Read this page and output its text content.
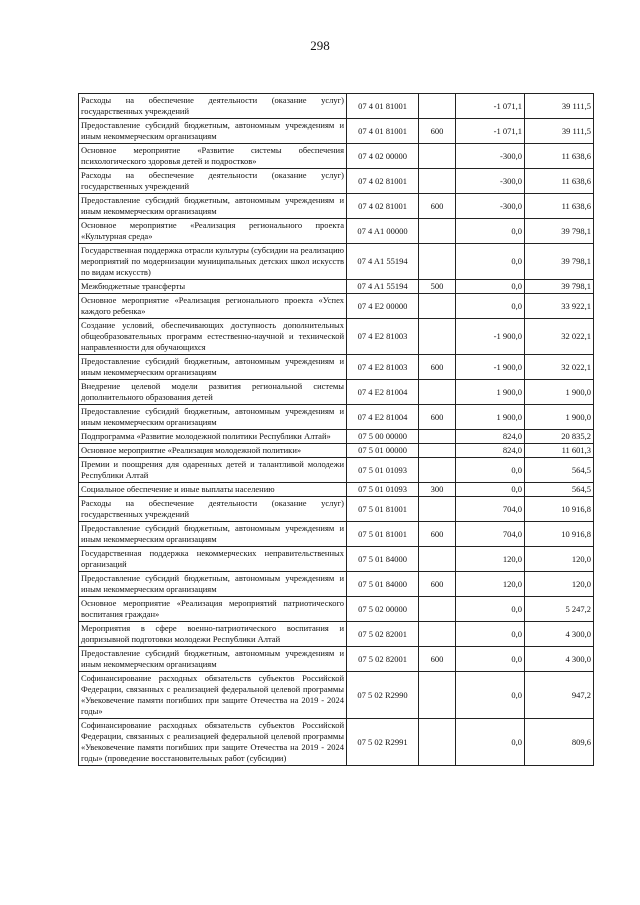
298
Расходы на обеспечение деятельности (оказание услуг) государственных учреждений	07 4 01 81001		-1 071,1	39 111,5
Предоставление субсидий бюджетным, автономным учреждениям и иным некоммерческим организациям	07 4 01 81001	600	-1 071,1	39 111,5
Основное мероприятие «Развитие системы обеспечения психологического здоровья детей и подростков»	07 4 02 00000		-300,0	11 638,6
Расходы на обеспечение деятельности (оказание услуг) государственных учреждений	07 4 02 81001		-300,0	11 638,6
Предоставление субсидий бюджетным, автономным учреждениям и иным некоммерческим организациям	07 4 02 81001	600	-300,0	11 638,6
Основное мероприятие «Реализация регионального проекта «Культурная среда»	07 4 A1 00000		0,0	39 798,1
Государственная поддержка отрасли культуры (субсидии на реализацию мероприятий по модернизации муниципальных детских школ искусств по видам искусств)	07 4 A1 55194		0,0	39 798,1
Межбюджетные трансферты	07 4 A1 55194	500	0,0	39 798,1
Основное мероприятие «Реализация регионального проекта «Успех каждого ребенка»	07 4 E2 00000		0,0	33 922,1
Создание условий, обеспечивающих доступность дополнительных общеобразовательных программ естественно-научной и технической направленности для обучающихся	07 4 E2 81003		-1 900,0	32 022,1
Предоставление субсидий бюджетным, автономным учреждениям и иным некоммерческим организациям	07 4 E2 81003	600	-1 900,0	32 022,1
Внедрение целевой модели развития региональной системы дополнительного образования детей	07 4 E2 81004		1 900,0	1 900,0
Предоставление субсидий бюджетным, автономным учреждениям и иным некоммерческим организациям	07 4 E2 81004	600	1 900,0	1 900,0
Подпрограмма «Развитие молодежной политики Республики Алтай»	07 5 00 00000		824,0	20 835,2
Основное мероприятие «Реализация молодежной политики»	07 5 01 00000		824,0	11 601,3
Премии и поощрения для одаренных детей и талантливой молодежи Республики Алтай	07 5 01 01093		0,0	564,5
Социальное обеспечение и иные выплаты населению	07 5 01 01093	300	0,0	564,5
Расходы на обеспечение деятельности (оказание услуг) государственных учреждений	07 5 01 81001		704,0	10 916,8
Предоставление субсидий бюджетным, автономным учреждениям и иным некоммерческим организациям	07 5 01 81001	600	704,0	10 916,8
Государственная поддержка некоммерческих неправительственных организаций	07 5 01 84000		120,0	120,0
Предоставление субсидий бюджетным, автономным учреждениям и иным некоммерческим организациям	07 5 01 84000	600	120,0	120,0
Основное мероприятие «Реализация мероприятий патриотического воспитания граждан»	07 5 02 00000		0,0	5 247,2
Мероприятия в сфере военно-патриотического воспитания и допризывной подготовки молодежи Республики Алтай	07 5 02 82001		0,0	4 300,0
Предоставление субсидий бюджетным, автономным учреждениям и иным некоммерческим организациям	07 5 02 82001	600	0,0	4 300,0
Софинансирование расходных обязательств субъектов Российской Федерации, связанных с реализацией федеральной целевой программы «Увековечение памяти погибших при защите Отечества на 2019 - 2024 годы»	07 5 02 R2990		0,0	947,2
Софинансирование расходных обязательств субъектов Российской Федерации, связанных с реализацией федеральной целевой программы «Увековечение памяти погибших при защите Отечества на 2019 - 2024 годы» (проведение восстановительных работ (субсидии)	07 5 02 R2991		0,0	809,6
